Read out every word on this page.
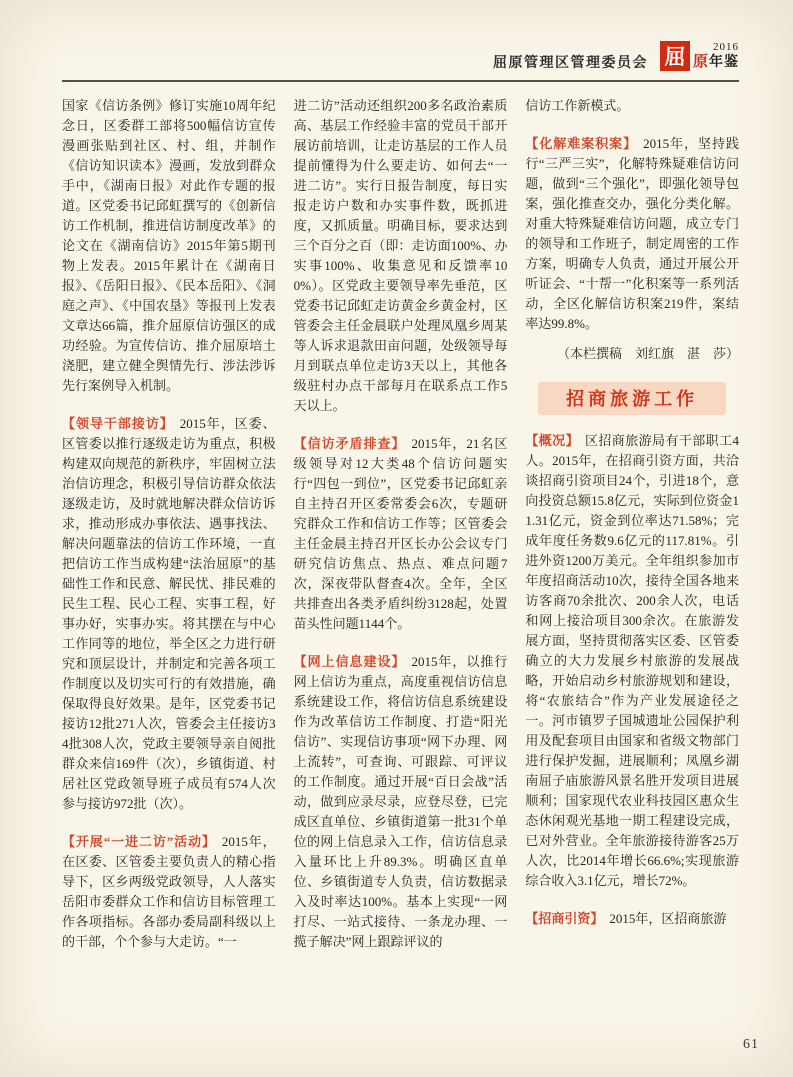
屈原管理区管理委员会 屈	2016
原 年鉴

国家《信访条例》修订实施10周年纪念日，区委群工部将500幅信访宣传漫画张贴到社区、村、组，并制作《信访知识读本》漫画，发放到群众手中，《湖南日报》对此作专题的报道。区党委书记邱虹撰写的《创新信访工作机制，推进信访制度改革》的论文在《湖南信访》2015年第5期刊物上发表。2015年累计在《湖南日报》、《岳阳日报》、《民本岳阳》、《洞庭之声》、《中国农垦》等报刊上发表文章达66篇，推介屈原信访强区的成功经验。为宣传信访、推介屈原培土浇肥，建立健全舆情先行、涉法涉诉先行案例导入机制。

【领导干部接访】 2015年，区委、区管委以推行逐级走访为重点，积极构建双向规范的新秩序，牢固树立法治信访理念，积极引导信访群众依法逐级走访，及时就地解决群众信访诉求，推动形成办事依法、遇事找法、解决问题靠法的信访工作环境，一直把信访工作当成构建“法治屈原”的基础性工作和民意、解民忧、排民难的民生工程、民心工程、实事工程，好事办好，实事办实。将其摆在与中心工作同等的地位，举全区之力进行研究和顶层设计，并制定和完善各项工作制度以及切实可行的有效措施，确保取得良好效果。是年，区党委书记接访12批271人次，管委会主任接访34批308人次，党政主要领导亲自阅批群众来信169件（次），乡镇街道、村居社区党政领导班子成员有574人次参与接访972批（次）。

【开展“一进二访”活动】 2015年，在区委、区管委主要负责人的精心指导下，区乡两级党政领导，人人落实岳阳市委群众工作和信访目标管理工作各项指标。各部办委局副科级以上的干部，个个参与大走访。“一

进二访”活动还组织200多名政治素质高、基层工作经验丰富的党员干部开展访前培训，让走访基层的工作人员提前懂得为什么要走访、如何去“一进二访”。实行日报告制度，每日实报走访户数和办实事件数，既抓进度，又抓质量。明确目标，要求达到三个百分之百（即：走访面100%、办实事100%、收集意见和反馈率100%）。区党政主要领导率先垂范，区党委书记邱虹走访黄金乡黄金村，区管委会主任金晨联户处理凤凰乡周某等人诉求退款田亩问题，处级领导每月到联点单位走访3天以上，其他各级驻村办点干部每月在联系点工作5天以上。

【信访矛盾排查】 2015年，21名区级领导对12大类48个信访问题实行“四包一到位”，区党委书记邱虹亲自主持召开区委常委会6次，专题研究群众工作和信访工作等；区管委会主任金晨主持召开区长办公会议专门研究信访焦点、热点、难点问题7次，深夜带队督查4次。全年，全区共排查出各类矛盾纠纷3128起，处置苗头性问题1144个。

【网上信息建设】 2015年，以推行网上信访为重点，高度重视信访信息系统建设工作，将信访信息系统建设作为改革信访工作制度、打造“阳光信访”、实现信访事项“网下办理、网上流转”，可查询、可跟踪、可评议的工作制度。通过开展“百日会战”活动，做到应录尽录，应登尽登，已完成区直单位、乡镇街道第一批31个单位的网上信息录入工作，信访信息录入量环比上升89.3%。明确区直单位、乡镇街道专人负责，信访数据录入及时率达100%。基本上实现“一网打尽、一站式接待、一条龙办理、一揽子解决”网上跟踪评议的

信访工作新模式。

【化解难案积案】 2015年，坚持践行“三严三实”，化解特殊疑难信访问题，做到“三个强化”，即强化领导包案，强化推查交办，强化分类化解。对重大特殊疑难信访问题，成立专门的领导和工作班子，制定周密的工作方案，明确专人负责，通过开展公开听证会、“十帮一”化积案等一系列活动，全区化解信访积案219件，案结率达99.8%。

（本栏撰稿　刘红旗　湛　莎）

招商旅游工作

【概况】 区招商旅游局有干部职工4人。2015年，在招商引资方面，共洽谈招商引资项目24个，引进18个，意向投资总额15.8亿元，实际到位资金11.31亿元，资金到位率达71.58%；完成年度任务数9.6亿元的117.81%。引进外资1200万美元。全年组织参加市年度招商活动10次，接待全国各地来访客商70余批次、200余人次，电话和网上接洽项目300余次。在旅游发展方面，坚持贯彻落实区委、区管委确立的大力发展乡村旅游的发展战略，开始启动乡村旅游规划和建设，将“农旅结合”作为产业发展途径之一。河市镇罗子国城遗址公园保护利用及配套项目由国家和省级文物部门进行保护发掘，进展顺利；凤凰乡湖南屈子庙旅游风景名胜开发项目进展顺利；国家现代农业科技园区惠众生态休闲观光基地一期工程建设完成，已对外营业。全年旅游接待游客25万人次，比2014年增长66.6%;实现旅游综合收入3.1亿元，增长72%。

【招商引资】 2015年，区招商旅游

61
